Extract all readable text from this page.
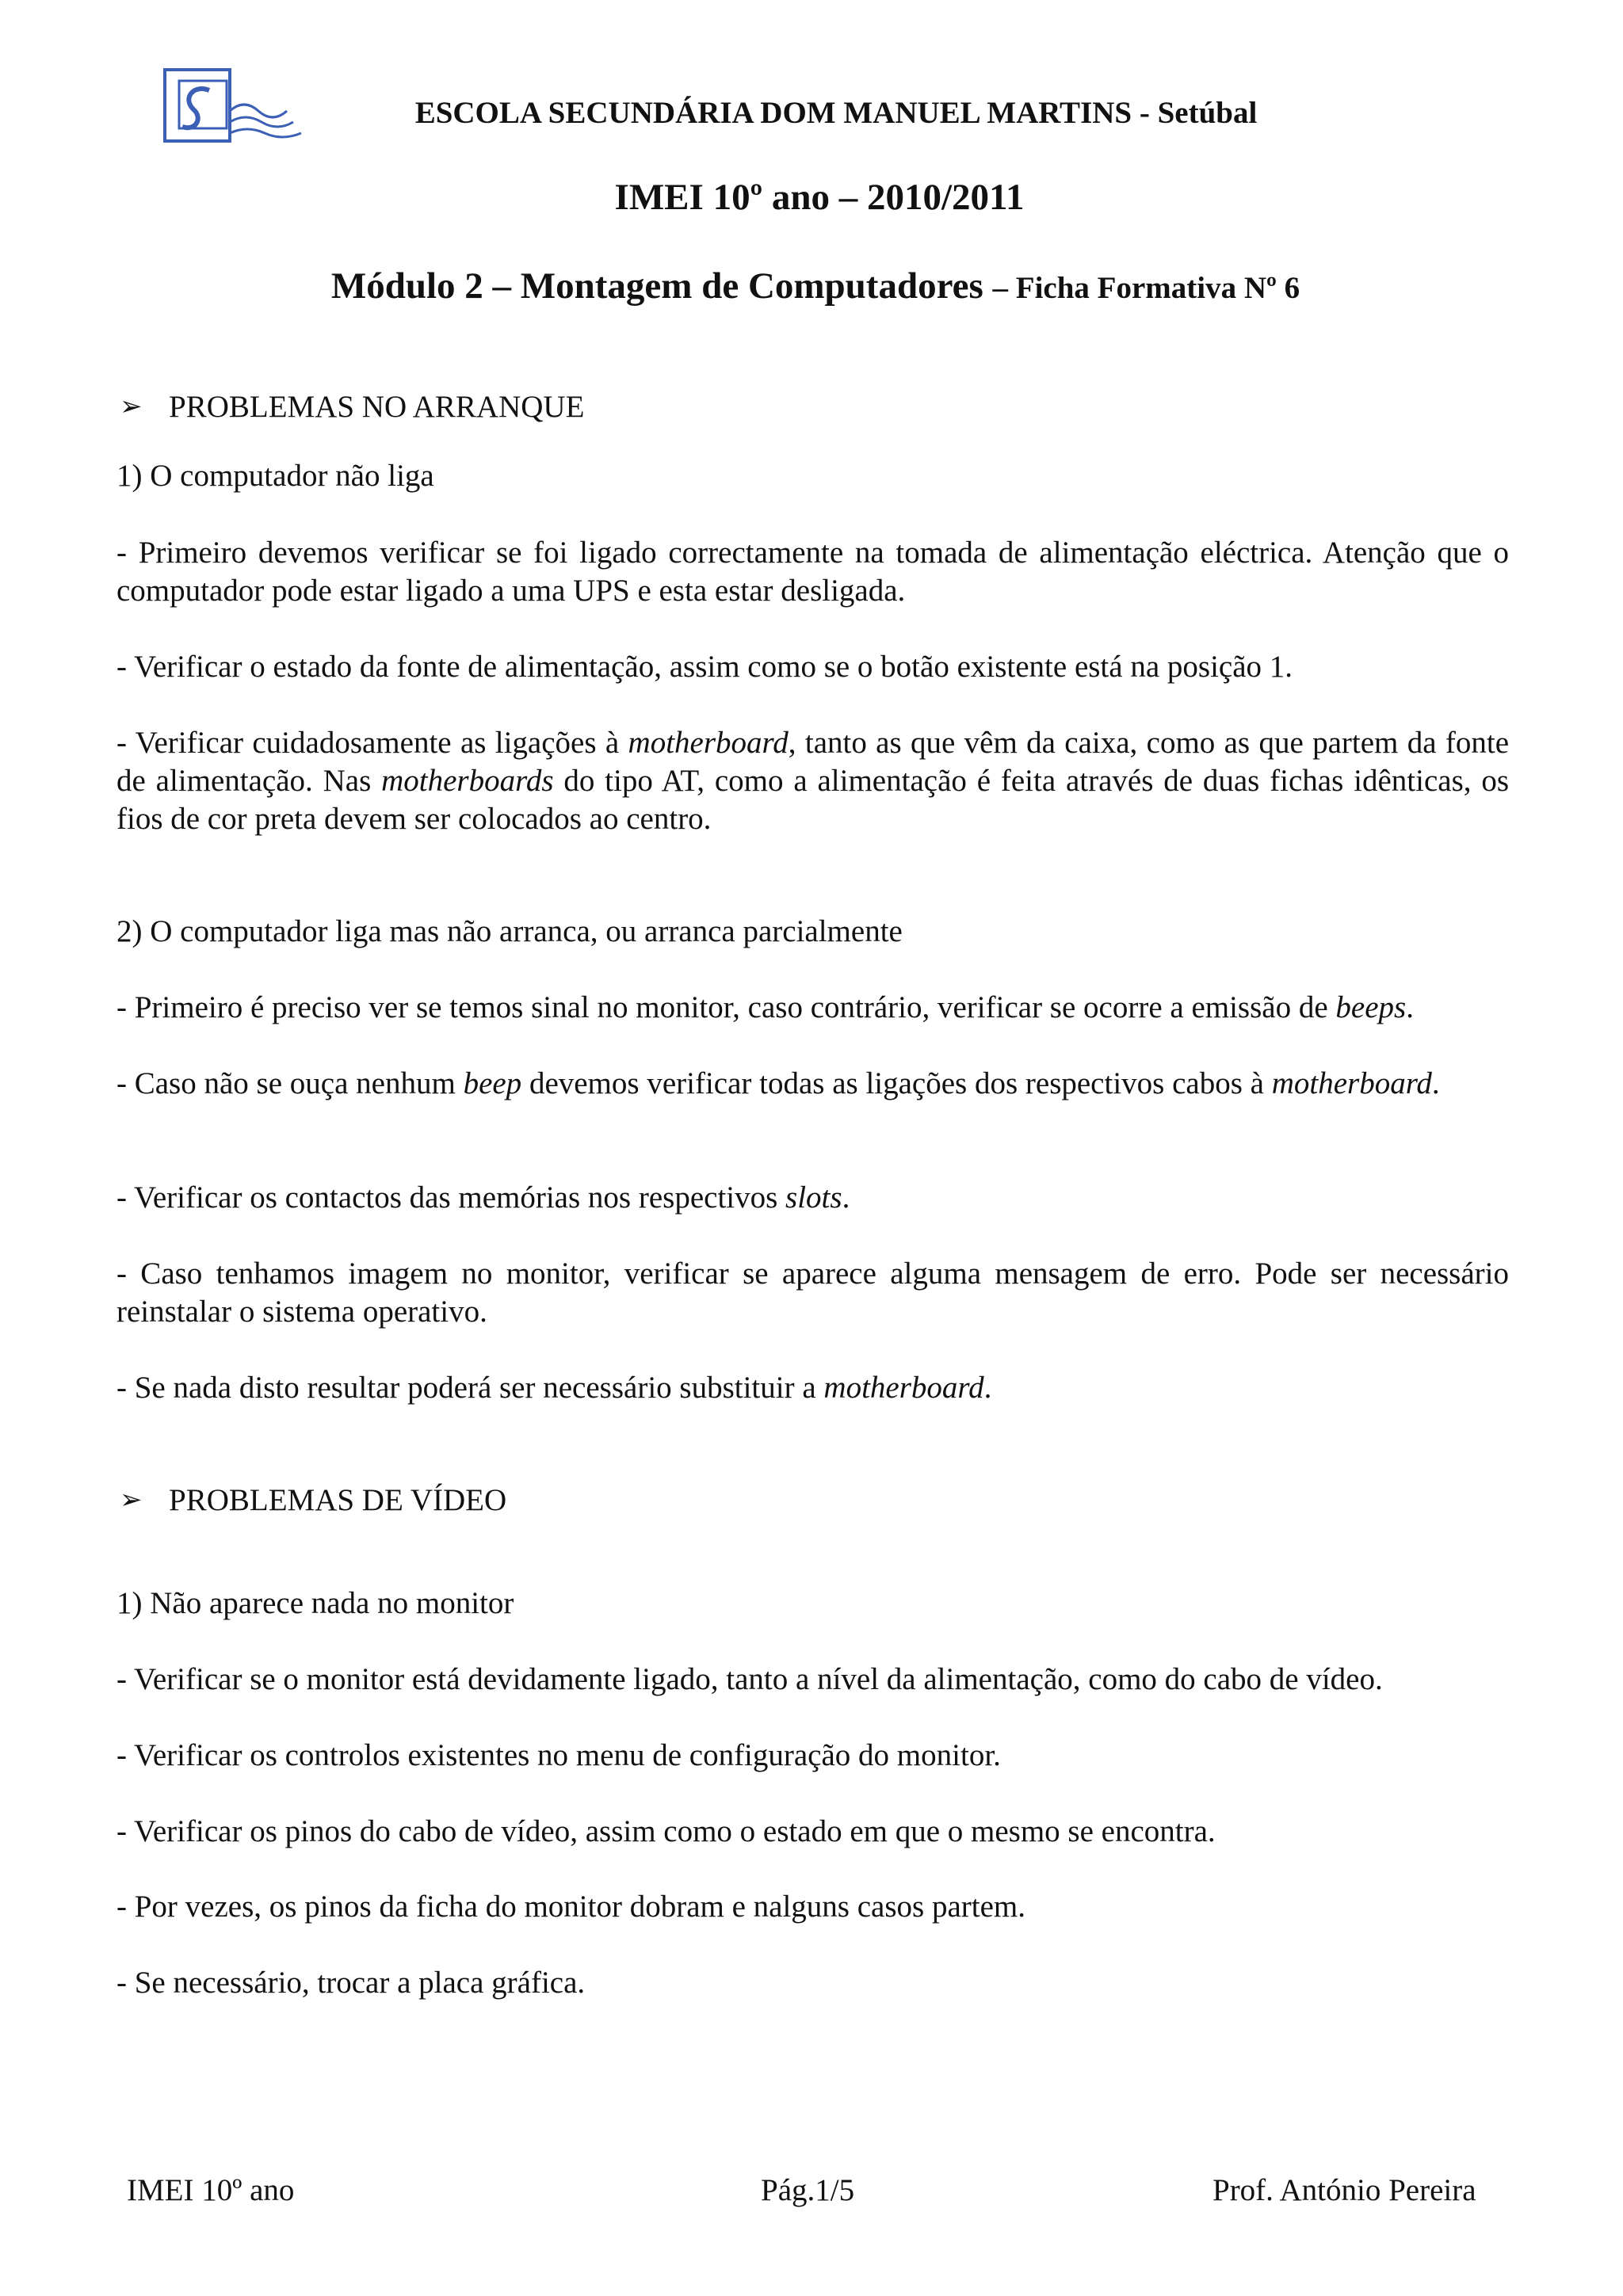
ESCOLA SECUNDÁRIA DOM MANUEL MARTINS - Setúbal
IMEI 10º ano – 2010/2011
Módulo 2 – Montagem de Computadores – Ficha Formativa Nº 6
➢ PROBLEMAS NO ARRANQUE

1) O computador não liga

- Primeiro devemos verificar se foi ligado correctamente na tomada de alimentação eléctrica. Atenção que o computador pode estar ligado a uma UPS e esta estar desligada.

- Verificar o estado da fonte de alimentação, assim como se o botão existente está na posição 1.

- Verificar cuidadosamente as ligações à motherboard, tanto as que vêm da caixa, como as que partem da fonte de alimentação. Nas motherboards do tipo AT, como a alimentação é feita através de duas fichas idênticas, os fios de cor preta devem ser colocados ao centro.

2) O computador liga mas não arranca, ou arranca parcialmente

- Primeiro é preciso ver se temos sinal no monitor, caso contrário, verificar se ocorre a emissão de beeps.

- Caso não se ouça nenhum beep devemos verificar todas as ligações dos respectivos cabos à motherboard.

- Verificar os contactos das memórias nos respectivos slots.

- Caso tenhamos imagem no monitor, verificar se aparece alguma mensagem de erro. Pode ser necessário reinstalar o sistema operativo.

- Se nada disto resultar poderá ser necessário substituir a motherboard.

➢ PROBLEMAS DE VÍDEO

1) Não aparece nada no monitor

- Verificar se o monitor está devidamente ligado, tanto a nível da alimentação, como do cabo de vídeo.

- Verificar os controlos existentes no menu de configuração do monitor.

- Verificar os pinos do cabo de vídeo, assim como o estado em que o mesmo se encontra.

- Por vezes, os pinos da ficha do monitor dobram e nalguns casos partem.

- Se necessário, trocar a placa gráfica.

IMEI 10º ano	Pág.1/5	Prof. António Pereira
